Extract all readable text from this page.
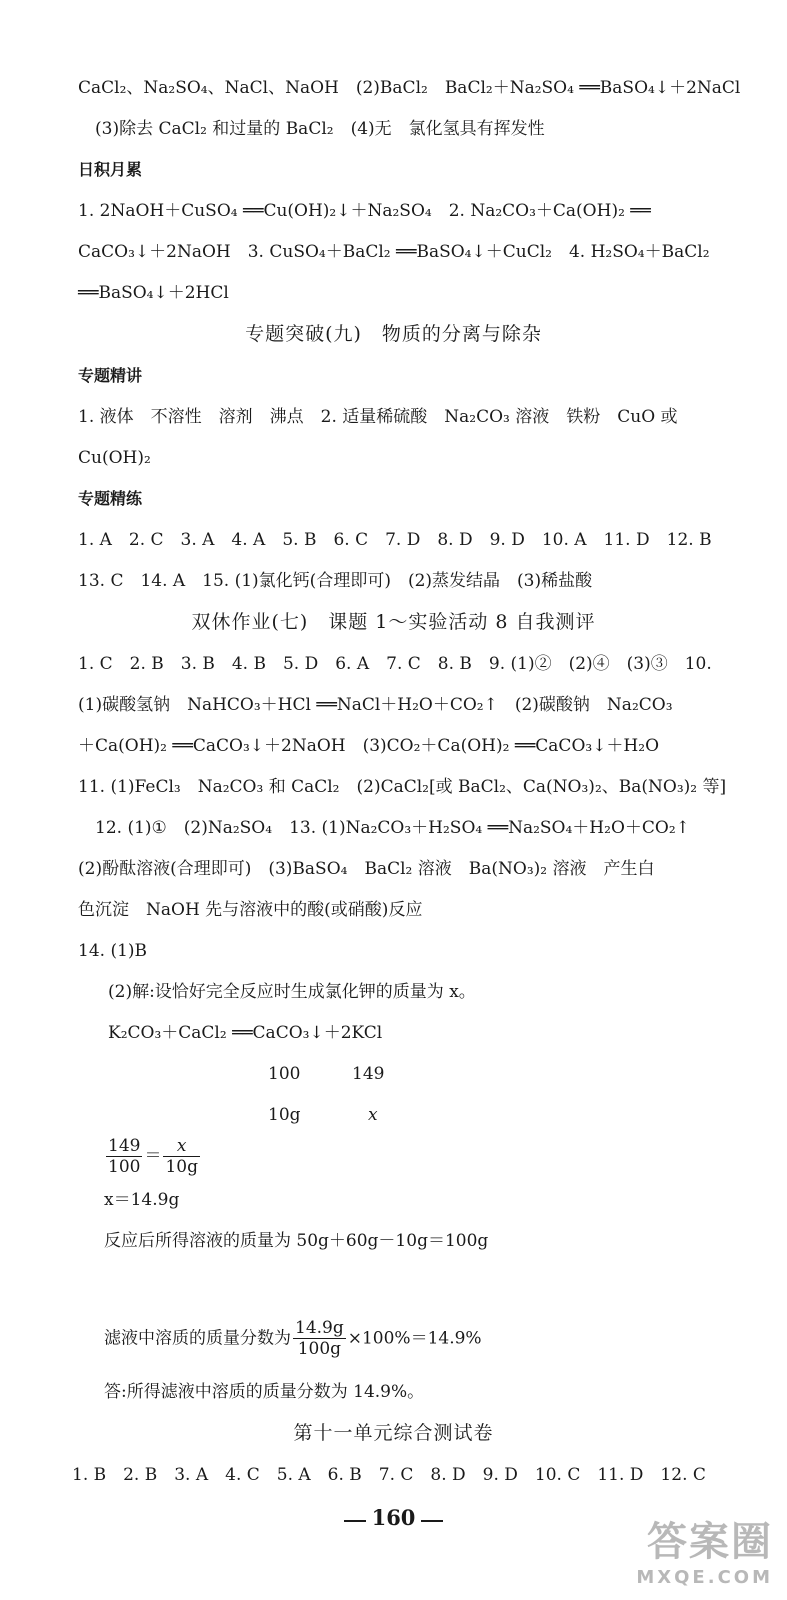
CaCl₂、Na₂SO₄、NaCl、NaOH　(2)BaCl₂　BaCl₂＋Na₂SO₄ ══BaSO₄↓＋2NaCl
(3)除去 CaCl₂ 和过量的 BaCl₂　(4)无　氯化氢具有挥发性
日积月累
1. 2NaOH＋CuSO₄ ══Cu(OH)₂↓＋Na₂SO₄　2. Na₂CO₃＋Ca(OH)₂ ══
CaCO₃↓＋2NaOH　3. CuSO₄＋BaCl₂ ══BaSO₄↓＋CuCl₂　4. H₂SO₄＋BaCl₂
══BaSO₄↓＋2HCl
专题突破(九)　物质的分离与除杂
专题精讲
1. 液体　不溶性　溶剂　沸点　2. 适量稀硫酸　Na₂CO₃ 溶液　铁粉　CuO 或
Cu(OH)₂
专题精练
1. A　2. C　3. A　4. A　5. B　6. C　7. D　8. D　9. D　10. A　11. D　12. B
13. C　14. A　15. (1)氯化钙(合理即可)　(2)蒸发结晶　(3)稀盐酸
双休作业(七)　课题 1～实验活动 8 自我测评
1. C　2. B　3. B　4. B　5. D　6. A　7. C　8. B　9. (1)②　(2)④　(3)③　10.
(1)碳酸氢钠　NaHCO₃＋HCl ══NaCl＋H₂O＋CO₂↑　(2)碳酸钠　Na₂CO₃
＋Ca(OH)₂ ══CaCO₃↓＋2NaOH　(3)CO₂＋Ca(OH)₂ ══CaCO₃↓＋H₂O
11. (1)FeCl₃　Na₂CO₃ 和 CaCl₂　(2)CaCl₂[或 BaCl₂、Ca(NO₃)₂、Ba(NO₃)₂ 等]
12. (1)①　(2)Na₂SO₄　13. (1)Na₂CO₃＋H₂SO₄ ══Na₂SO₄＋H₂O＋CO₂↑
(2)酚酞溶液(合理即可)　(3)BaSO₄　BaCl₂ 溶液　Ba(NO₃)₂ 溶液　产生白
色沉淀　NaOH 先与溶液中的酸(或硝酸)反应
14. (1)B
(2)解:设恰好完全反应时生成氯化钾的质量为 x。
K₂CO₃＋CaCl₂ ══CaCO₃↓＋2KCl
100	149
10g	x
$\frac{149}{100} = \frac{x}{10g}$
x＝14.9g
反应后所得溶液的质量为 50g＋60g－10g＝100g
滤液中溶质的质量分数为 $\frac{14.9g}{100g} \times 100\%=14.9\%$
答:所得滤液中溶质的质量分数为 14.9%。
第十一单元综合测试卷
1. B　2. B　3. A　4. C　5. A　6. B　7. C　8. D　9. D　10. C　11. D　12. C
160
答案圈
MXQE.COM
